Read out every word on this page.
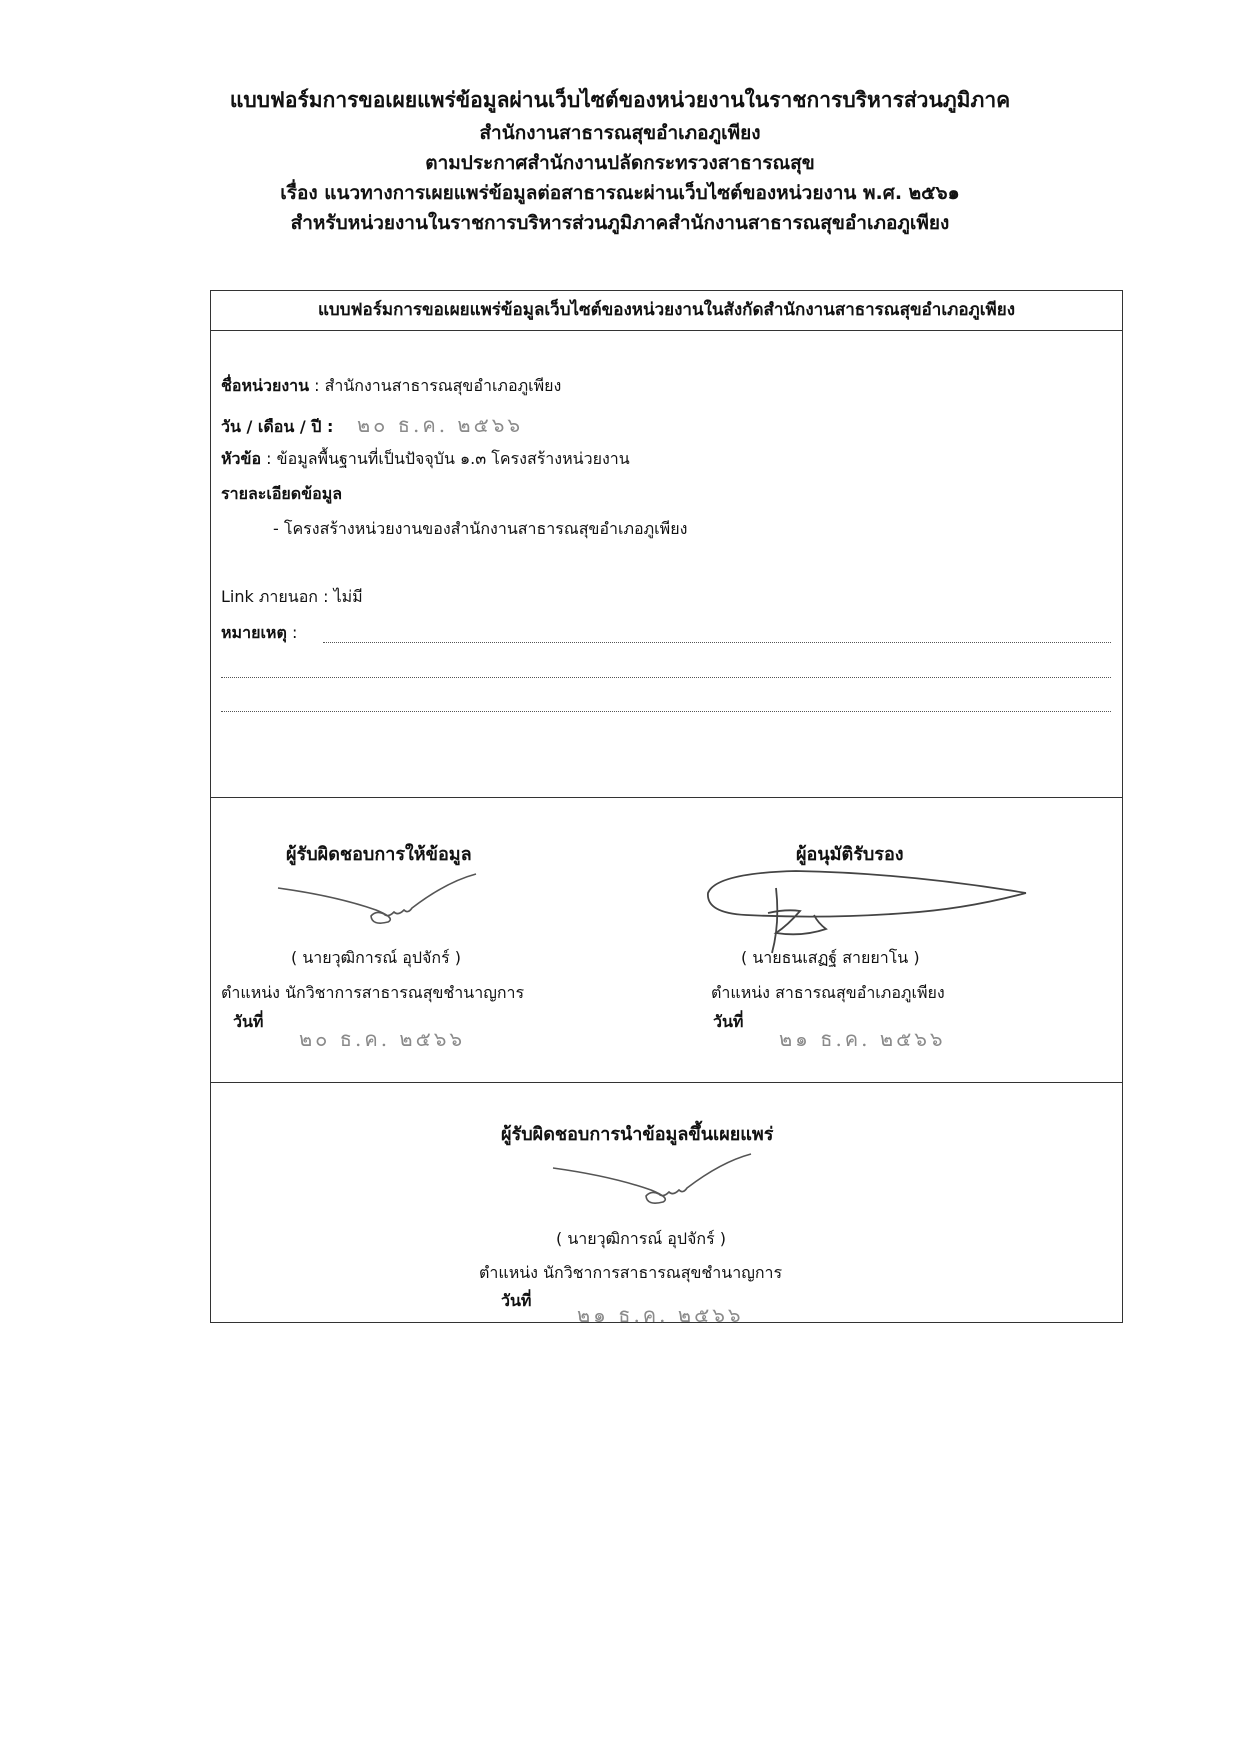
แบบฟอร์มการขอเผยแพร่ข้อมูลผ่านเว็บไซต์ของหน่วยงานในราชการบริหารส่วนภูมิภาค
สำนักงานสาธารณสุขอำเภอภูเพียง
ตามประกาศสำนักงานปลัดกระทรวงสาธารณสุข
เรื่อง แนวทางการเผยแพร่ข้อมูลต่อสาธารณะผ่านเว็บไซต์ของหน่วยงาน พ.ศ. ๒๕๖๑
สำหรับหน่วยงานในราชการบริหารส่วนภูมิภาคสำนักงานสาธารณสุขอำเภอภูเพียง
แบบฟอร์มการขอเผยแพร่ข้อมูลเว็บไซต์ของหน่วยงานในสังกัดสำนักงานสาธารณสุขอำเภอภูเพียง
ชื่อหน่วยงาน : สำนักงานสาธารณสุขอำเภอภูเพียง
วัน / เดือน / ปี : ๒๐ ธ.ค. ๒๕๖๖
หัวข้อ : ข้อมูลพื้นฐานที่เป็นปัจจุบัน ๑.๓ โครงสร้างหน่วยงาน
รายละเอียดข้อมูล
- โครงสร้างหน่วยงานของสำนักงานสาธารณสุขอำเภอภูเพียง
Link ภายนอก : ไม่มี
หมายเหตุ :
ผู้รับผิดชอบการให้ข้อมูล
( นายวุฒิการณ์ อุปจักร์ )
ตำแหน่ง นักวิชาการสาธารณสุขชำนาญการ
วันที่
๒๐ ธ.ค. ๒๕๖๖
ผู้อนุมัติรับรอง
( นายธนเสฏฐ์ สายยาโน )
ตำแหน่ง สาธารณสุขอำเภอภูเพียง
วันที่
๒๑ ธ.ค. ๒๕๖๖
ผู้รับผิดชอบการนำข้อมูลขึ้นเผยแพร่
( นายวุฒิการณ์ อุปจักร์ )
ตำแหน่ง นักวิชาการสาธารณสุขชำนาญการ
วันที่
๒๑ ธ.ค. ๒๕๖๖
